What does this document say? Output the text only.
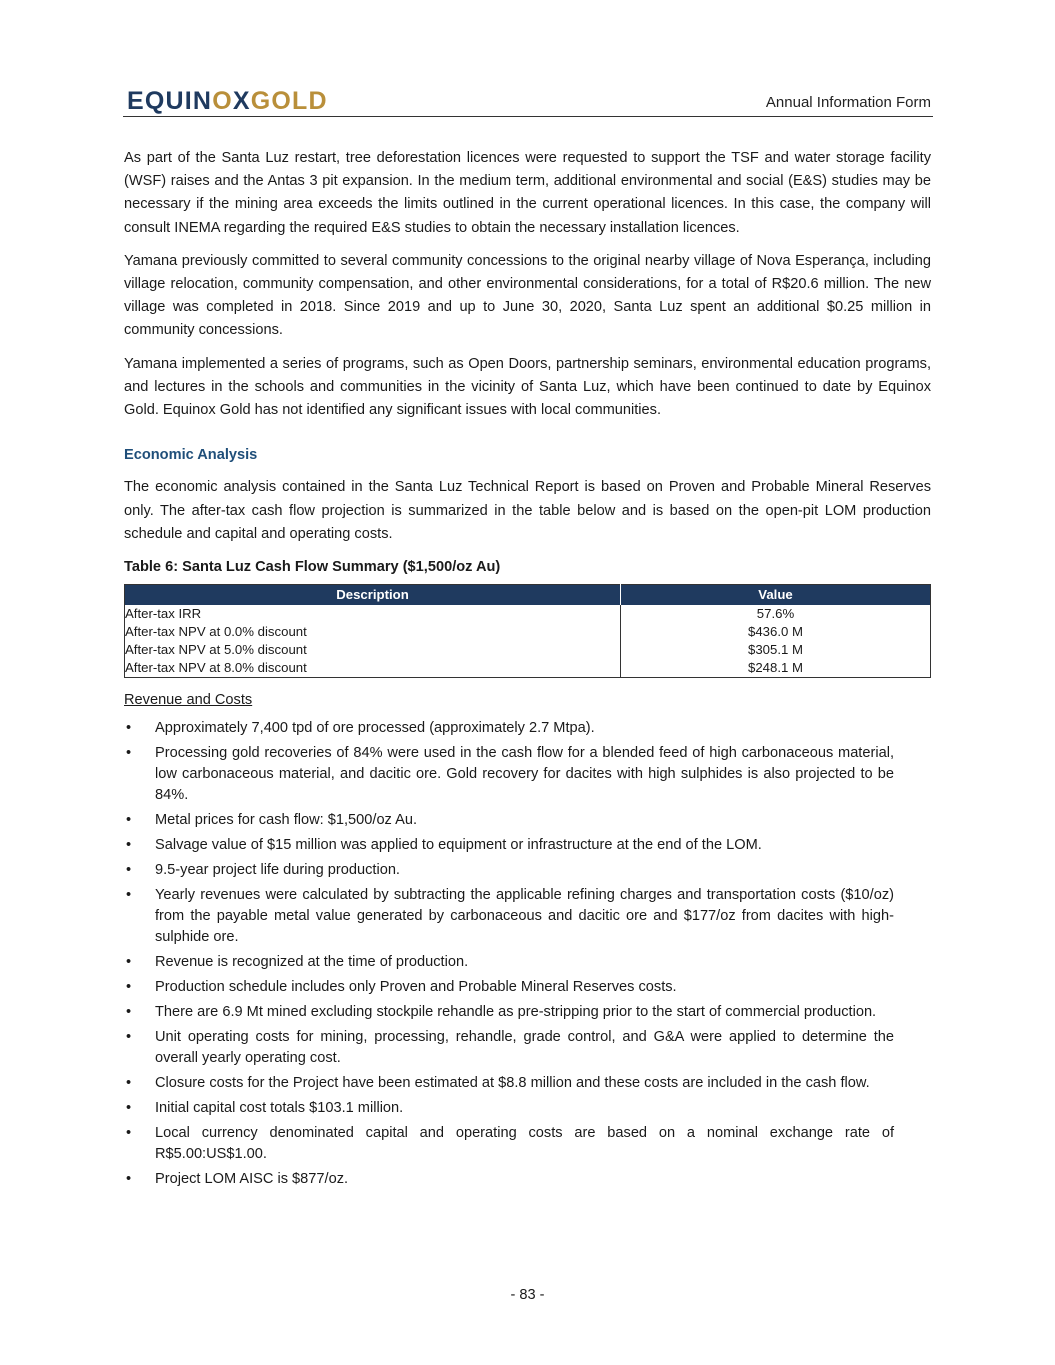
EQUINOXGOLD	Annual Information Form

As part of the Santa Luz restart, tree deforestation licences were requested to support the TSF and water storage facility (WSF) raises and the Antas 3 pit expansion. In the medium term, additional environmental and social (E&S) studies may be necessary if the mining area exceeds the limits outlined in the current operational licences. In this case, the company will consult INEMA regarding the required E&S studies to obtain the necessary installation licences.

Yamana previously committed to several community concessions to the original nearby village of Nova Esperança, including village relocation, community compensation, and other environmental considerations, for a total of R$20.6 million. The new village was completed in 2018. Since 2019 and up to June 30, 2020, Santa Luz spent an additional $0.25 million in community concessions.

Yamana implemented a series of programs, such as Open Doors, partnership seminars, environmental education programs, and lectures in the schools and communities in the vicinity of Santa Luz, which have been continued to date by Equinox Gold. Equinox Gold has not identified any significant issues with local communities.

Economic Analysis

The economic analysis contained in the Santa Luz Technical Report is based on Proven and Probable Mineral Reserves only. The after-tax cash flow projection is summarized in the table below and is based on the open-pit LOM production schedule and capital and operating costs.

Table 6: Santa Luz Cash Flow Summary ($1,500/oz Au)
Description	Value
After-tax IRR	57.6%
After-tax NPV at 0.0% discount	$436.0 M
After-tax NPV at 5.0% discount	$305.1 M
After-tax NPV at 8.0% discount	$248.1 M
Revenue and Costs
• Approximately 7,400 tpd of ore processed (approximately 2.7 Mtpa).
• Processing gold recoveries of 84% were used in the cash flow for a blended feed of high carbonaceous material, low carbonaceous material, and dacitic ore. Gold recovery for dacites with high sulphides is also projected to be 84%.
• Metal prices for cash flow: $1,500/oz Au.
• Salvage value of $15 million was applied to equipment or infrastructure at the end of the LOM.
• 9.5-year project life during production.
• Yearly revenues were calculated by subtracting the applicable refining charges and transportation costs ($10/oz) from the payable metal value generated by carbonaceous and dacitic ore and $177/oz from dacites with high-sulphide ore.
• Revenue is recognized at the time of production.
• Production schedule includes only Proven and Probable Mineral Reserves costs.
• There are 6.9 Mt mined excluding stockpile rehandle as pre-stripping prior to the start of commercial production.
• Unit operating costs for mining, processing, rehandle, grade control, and G&A were applied to determine the overall yearly operating cost.
• Closure costs for the Project have been estimated at $8.8 million and these costs are included in the cash flow.
• Initial capital cost totals $103.1 million.
• Local currency denominated capital and operating costs are based on a nominal exchange rate of R$5.00:US$1.00.
• Project LOM AISC is $877/oz.
- 83 -
